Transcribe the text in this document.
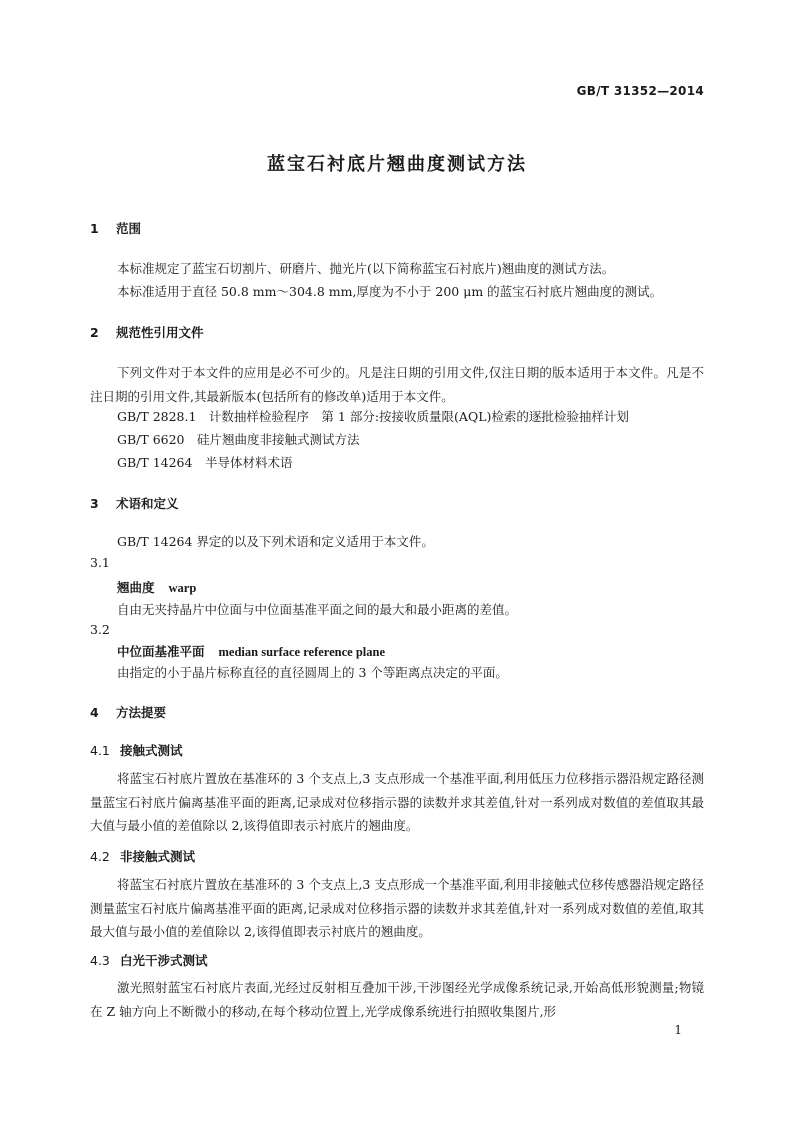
GB/T 31352—2014
蓝宝石衬底片翘曲度测试方法
1 范围
本标准规定了蓝宝石切割片、研磨片、抛光片(以下简称蓝宝石衬底片)翘曲度的测试方法。
本标准适用于直径 50.8 mm～304.8 mm,厚度为不小于 200 μm 的蓝宝石衬底片翘曲度的测试。
2 规范性引用文件
下列文件对于本文件的应用是必不可少的。凡是注日期的引用文件,仅注日期的版本适用于本文件。凡是不注日期的引用文件,其最新版本(包括所有的修改单)适用于本文件。
GB/T 2828.1　计数抽样检验程序　第 1 部分:按接收质量限(AQL)检索的逐批检验抽样计划
GB/T 6620　硅片翘曲度非接触式测试方法
GB/T 14264　半导体材料术语
3 术语和定义
GB/T 14264 界定的以及下列术语和定义适用于本文件。
3.1
翘曲度 warp
自由无夹持晶片中位面与中位面基准平面之间的最大和最小距离的差值。
3.2
中位面基准平面 median surface reference plane
由指定的小于晶片标称直径的直径圆周上的 3 个等距离点决定的平面。
4 方法提要
4.1 接触式测试
将蓝宝石衬底片置放在基准环的 3 个支点上,3 支点形成一个基准平面,利用低压力位移指示器沿规定路径测量蓝宝石衬底片偏离基准平面的距离,记录成对位移指示器的读数并求其差值,针对一系列成对数值的差值取其最大值与最小值的差值除以 2,该得值即表示衬底片的翘曲度。
4.2 非接触式测试
将蓝宝石衬底片置放在基准环的 3 个支点上,3 支点形成一个基准平面,利用非接触式位移传感器沿规定路径测量蓝宝石衬底片偏离基准平面的距离,记录成对位移指示器的读数并求其差值,针对一系列成对数值的差值,取其最大值与最小值的差值除以 2,该得值即表示衬底片的翘曲度。
4.3 白光干涉式测试
激光照射蓝宝石衬底片表面,光经过反射相互叠加干涉,干涉图经光学成像系统记录,开始高低形貌测量;物镜在 Z 轴方向上不断微小的移动,在每个移动位置上,光学成像系统进行拍照收集图片,形
1
